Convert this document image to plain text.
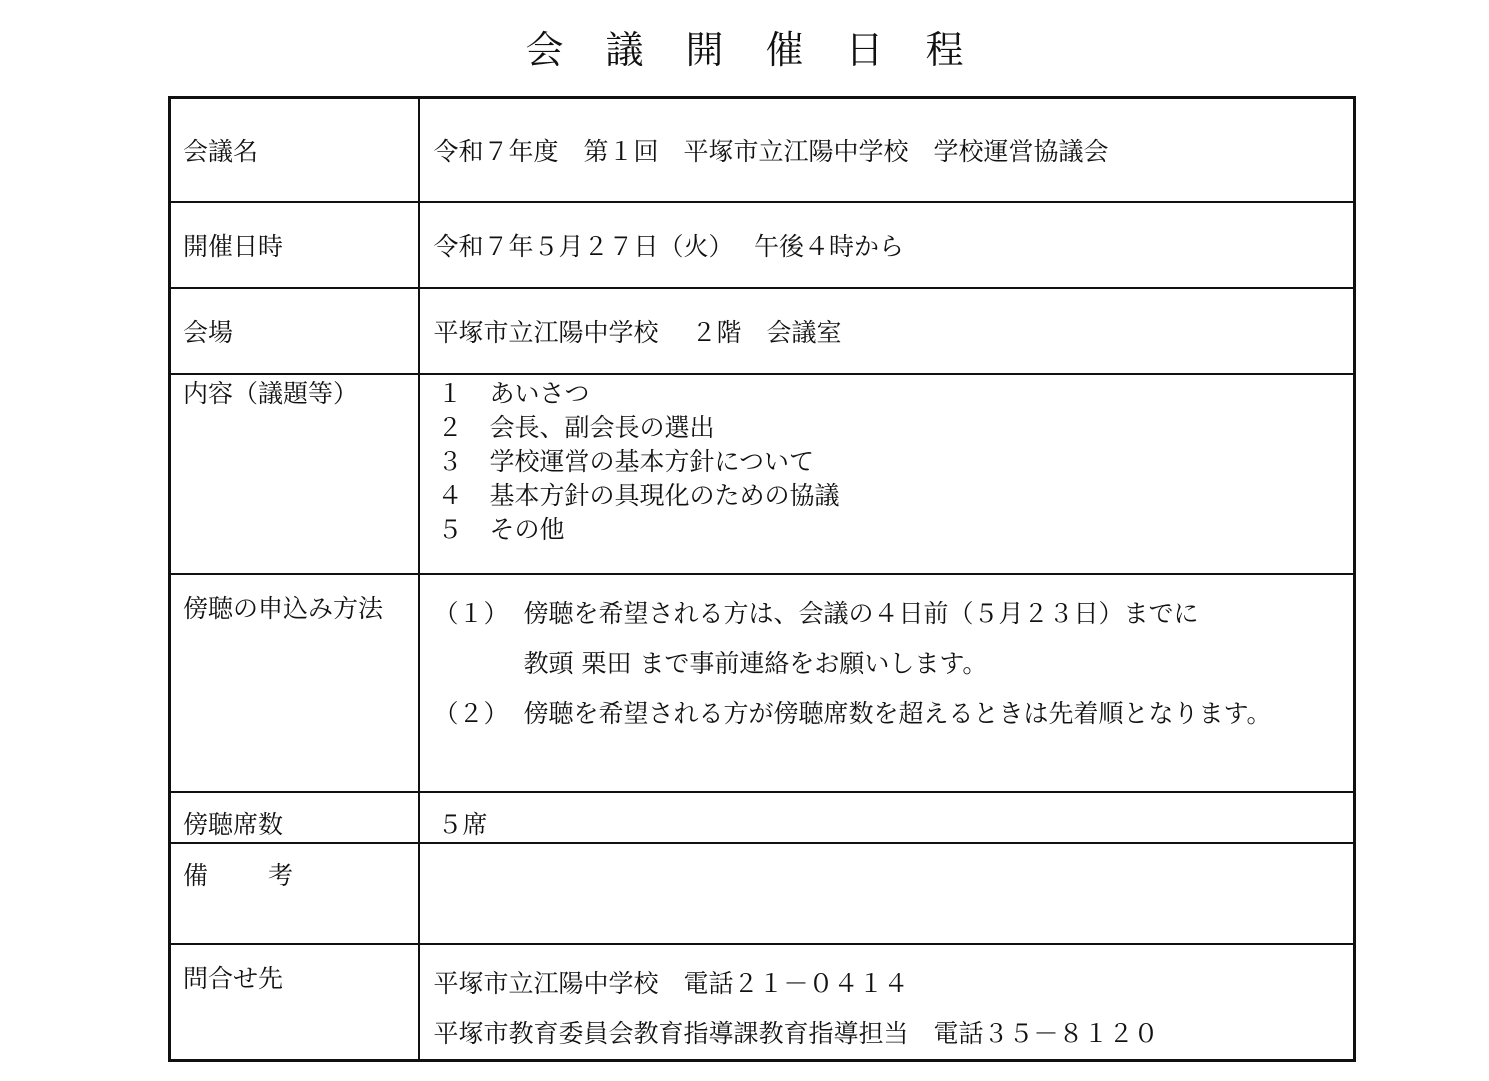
会議開催日程
会議名	令和７年度　第１回　平塚市立江陽中学校　学校運営協議会

開催日時	令和７年５月２７日（火）　 午後４時から

会場	平塚市立江陽中学校　 ２階　会議室

内容（議題等）	１ あいさつ
２ 会長、副会長の選出
３ 学校運営の基本方針について
４ 基本方針の具現化のための協議
５ その他

傍聴の申込み方法	（１） 傍聴を希望される方は、会議の４日前（５月２３日）までに
教頭 栗田 まで事前連絡をお願いします。
（２） 傍聴を希望される方が傍聴席数を超えるときは先着順となります。

傍聴席数	５席

備考	

問合せ先	平塚市立江陽中学校　電話２１－０４１４
平塚市教育委員会教育指導課教育指導担当　電話３５－８１２０
